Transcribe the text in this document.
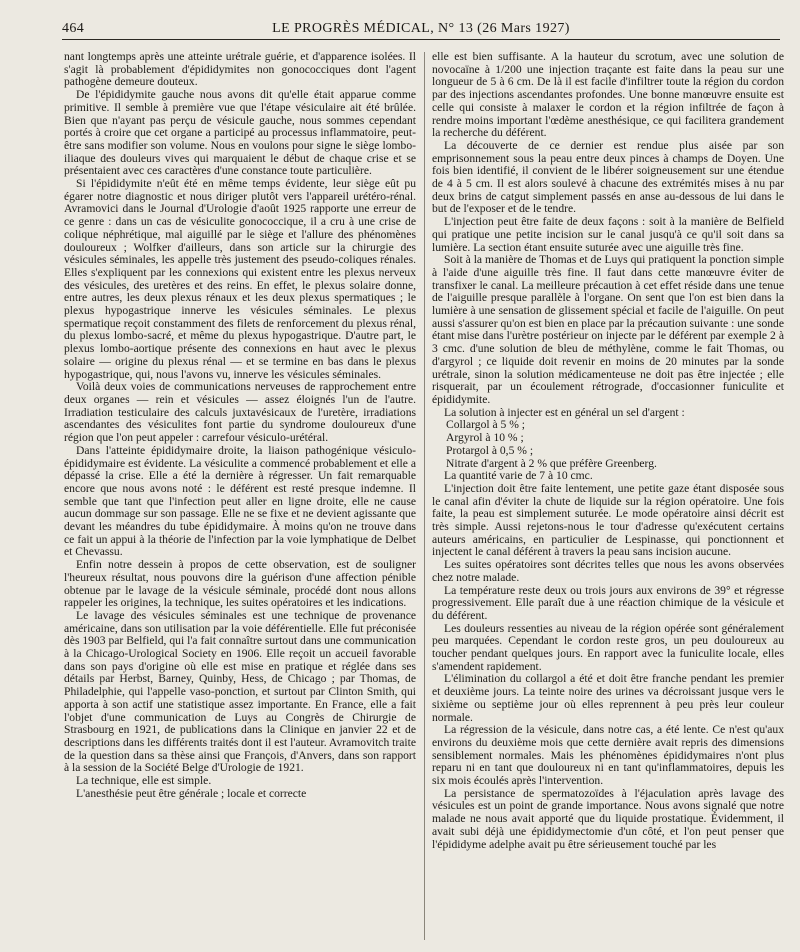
464	LE PROGRÈS MÉDICAL, N° 13 (26 Mars 1927)

nant longtemps après une atteinte urétrale guérie, et d'apparence isolées. Il s'agit là probablement d'épididymites non gonococciques dont l'agent pathogène demeure douteux.

De l'épididymite gauche nous avons dit qu'elle était apparue comme primitive. Il semble à première vue que l'étape vésiculaire ait été brûlée. Bien que n'ayant pas perçu de vésicule gauche, nous sommes cependant portés à croire que cet organe a participé au processus inflammatoire, peut-être sans modifier son volume. Nous en voulons pour signe le siège lombo-iliaque des douleurs vives qui marquaient le début de chaque crise et se présentaient avec ces caractères d'une constance toute particulière.

Si l'épididymite n'eût été en même temps évidente, leur siège eût pu égarer notre diagnostic et nous diriger plutôt vers l'appareil urétéro-rénal. Avramovici dans le Journal d'Urologie d'août 1925 rapporte une erreur de ce genre : dans un cas de vésiculite gonococcique, il a cru à une crise de colique néphrétique, mal aiguillé par le siège et l'allure des phénomènes douloureux ; Wolfker d'ailleurs, dans son article sur la chirurgie des vésicules séminales, les appelle très justement des pseudo-coliques rénales. Elles s'expliquent par les connexions qui existent entre les plexus nerveux des vésicules, des uretères et des reins. En effet, le plexus solaire donne, entre autres, les deux plexus rénaux et les deux plexus spermatiques ; le plexus hypogastrique innerve les vésicules séminales. Le plexus spermatique reçoit constamment des filets de renforcement du plexus rénal, du plexus lombo-sacré, et même du plexus hypogastrique. D'autre part, le plexus lombo-aortique présente des connexions en haut avec le plexus solaire — origine du plexus rénal — et se termine en bas dans le plexus hypogastrique, qui, nous l'avons vu, innerve les vésicules séminales.

Voilà deux voies de communications nerveuses de rapprochement entre deux organes — rein et vésicules — assez éloignés l'un de l'autre. Irradiation testiculaire des calculs juxtavésicaux de l'uretère, irradiations ascendantes des vésiculites font partie du syndrome douloureux d'une région que l'on peut appeler : carrefour vésiculo-urétéral.

Dans l'atteinte épididymaire droite, la liaison pathogénique vésiculo-épididymaire est évidente. La vésiculite a commencé probablement et elle a dépassé la crise. Elle a été la dernière à régresser. Un fait remarquable encore que nous avons noté : le déférent est resté presque indemne. Il semble que tant que l'infection peut aller en ligne droite, elle ne cause aucun dommage sur son passage. Elle ne se fixe et ne devient agissante que devant les méandres du tube épididymaire. À moins qu'on ne trouve dans ce fait un appui à la théorie de l'infection par la voie lymphatique de Delbet et Chevassu.

Enfin notre dessein à propos de cette observation, est de souligner l'heureux résultat, nous pouvons dire la guérison d'une affection pénible obtenue par le lavage de la vésicule séminale, procédé dont nous allons rappeler les origines, la technique, les suites opératoires et les indications.

Le lavage des vésicules séminales est une technique de provenance américaine, dans son utilisation par la voie déférentielle. Elle fut préconisée dès 1903 par Belfield, qui l'a fait connaître surtout dans une communication à la Chicago-Urological Society en 1906. Elle reçoit un accueil favorable dans son pays d'origine où elle est mise en pratique et réglée dans ses détails par Herbst, Barney, Quinby, Hess, de Chicago ; par Thomas, de Philadelphie, qui l'appelle vaso-ponction, et surtout par Clinton Smith, qui apporta à son actif une statistique assez importante. En France, elle a fait l'objet d'une communication de Luys au Congrès de Chirurgie de Strasbourg en 1921, de publications dans la Clinique en janvier 22 et de descriptions dans les différents traités dont il est l'auteur. Avramovitch traite de la question dans sa thèse ainsi que François, d'Anvers, dans son rapport à la session de la Société Belge d'Urologie de 1921.

La technique, elle est simple.

L'anesthésie peut être générale ; locale et correcte

elle est bien suffisante. A la hauteur du scrotum, avec une solution de novocaïne à 1/200 une injection traçante est faite dans la peau sur une longueur de 5 à 6 cm. De là il est facile d'infiltrer toute la région du cordon par des injections ascendantes profondes. Une bonne manœuvre ensuite est celle qui consiste à malaxer le cordon et la région infiltrée de façon à rendre moins important l'œdème anesthésique, ce qui facilitera grandement la recherche du déférent.

La découverte de ce dernier est rendue plus aisée par son emprisonnement sous la peau entre deux pinces à champs de Doyen. Une fois bien identifié, il convient de le libérer soigneusement sur une étendue de 4 à 5 cm. Il est alors soulevé à chacune des extrémités mises à nu par deux brins de catgut simplement passés en anse au-dessous de lui dans le but de l'exposer et de le tendre.

L'injection peut être faite de deux façons : soit à la manière de Belfield qui pratique une petite incision sur le canal jusqu'à ce qu'il soit dans sa lumière. La section étant ensuite suturée avec une aiguille très fine.

Soit à la manière de Thomas et de Luys qui pratiquent la ponction simple à l'aide d'une aiguille très fine. Il faut dans cette manœuvre éviter de transfixer le canal. La meilleure précaution à cet effet réside dans une tenue de l'aiguille presque parallèle à l'organe. On sent que l'on est bien dans la lumière à une sensation de glissement spécial et facile de l'aiguille. On peut aussi s'assurer qu'on est bien en place par la précaution suivante : une sonde étant mise dans l'urètre postérieur on injecte par le déférent par exemple 2 à 3 cmc. d'une solution de bleu de méthylène, comme le fait Thomas, ou d'argyrol ; ce liquide doit revenir en moins de 20 minutes par la sonde urétrale, sinon la solution médicamenteuse ne doit pas être injectée ; elle risquerait, par un écoulement rétrograde, d'occasionner funiculite et épididymite.

La solution à injecter est en général un sel d'argent :

Collargol à 5 % ;

Argyrol à 10 % ;

Protargol à 0,5 % ;

Nitrate d'argent à 2 % que préfère Greenberg.

La quantité varie de 7 à 10 cmc.

L'injection doit être faite lentement, une petite gaze étant disposée sous le canal afin d'éviter la chute de liquide sur la région opératoire. Une fois faite, la peau est simplement suturée. Le mode opératoire ainsi décrit est très simple. Aussi rejetons-nous le tour d'adresse qu'exécutent certains auteurs américains, en particulier de Lespinasse, qui ponctionnent et injectent le canal déférent à travers la peau sans incision aucune.

Les suites opératoires sont décrites telles que nous les avons observées chez notre malade.

La température reste deux ou trois jours aux environs de 39° et régresse progressivement. Elle paraît due à une réaction chimique de la vésicule et du déférent.

Les douleurs ressenties au niveau de la région opérée sont généralement peu marquées. Cependant le cordon reste gros, un peu douloureux au toucher pendant quelques jours. En rapport avec la funiculite locale, elles s'amendent rapidement.

L'élimination du collargol a été et doit être franche pendant les premier et deuxième jours. La teinte noire des urines va décroissant jusque vers le sixième ou septième jour où elles reprennent à peu près leur couleur normale.

La régression de la vésicule, dans notre cas, a été lente. Ce n'est qu'aux environs du deuxième mois que cette dernière avait repris des dimensions sensiblement normales. Mais les phénomènes épididymaires n'ont plus reparu ni en tant que douloureux ni en tant qu'inflammatoires, depuis les six mois écoulés après l'intervention.

La persistance de spermatozoïdes à l'éjaculation après lavage des vésicules est un point de grande importance. Nous avons signalé que notre malade ne nous avait apporté que du liquide prostatique. Évidemment, il avait subi déjà une épididymectomie d'un côté, et l'on peut penser que l'épididyme adelphe avait pu être sérieusement touché par les
